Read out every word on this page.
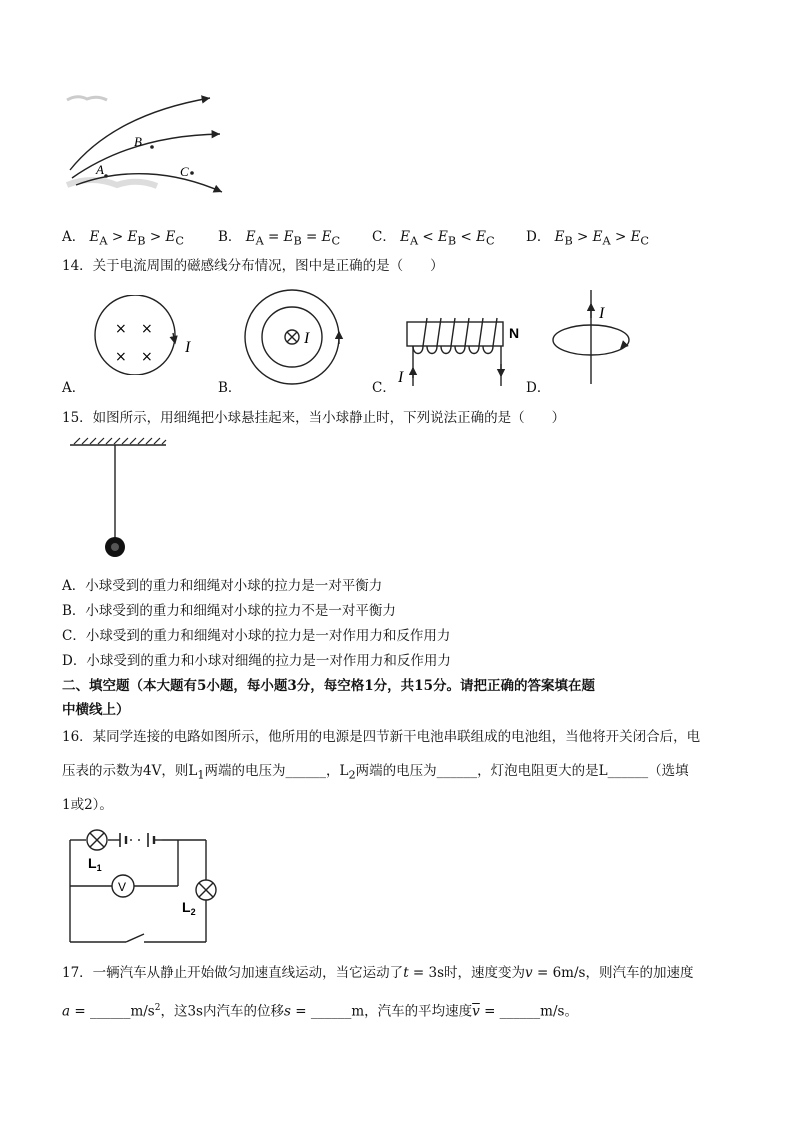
A
B
C
A． $E_A > E_B > E_C$	B． $E_A = E_B = E_C$ C． $E_A < E_B < E_C$ D． $E_B > E_A > E_C$
14．关于电流周围的磁感线分布情况，图中是正确的是（　　）
× ×
× ×
I
A．
I
B．
N
I
C．
I
D．
15．如图所示，用细绳把小球悬挂起来，当小球静止时，下列说法正确的是（　　）
A．小球受到的重力和细绳对小球的拉力是一对平衡力
B．小球受到的重力和细绳对小球的拉力不是一对平衡力
C．小球受到的重力和细绳对小球的拉力是一对作用力和反作用力
D．小球受到的重力和小球对细绳的拉力是一对作用力和反作用力
二、填空题（本大题有5小题，每小题3分，每空格1分，共15分。请把正确的答案填在题
中横线上）
16．某同学连接的电路如图所示，他所用的电源是四节新干电池串联组成的电池组，当他将开关闭合后，电
压表的示数为4V，则$L_1$两端的电压为______，$L_2$两端的电压为______，灯泡电阻更大的是L______（选填
1或2）。
V
$L_1$
$L_2$
17．一辆汽车从静止开始做匀加速直线运动，当它运动了t = 3s时，速度变为v = 6m/s，则汽车的加速度
$a = \_\_\_\_\_\_m/s^2$，这3s内汽车的位移s = ______m，汽车的平均速度$\overline{v}$ = ______m/s。
